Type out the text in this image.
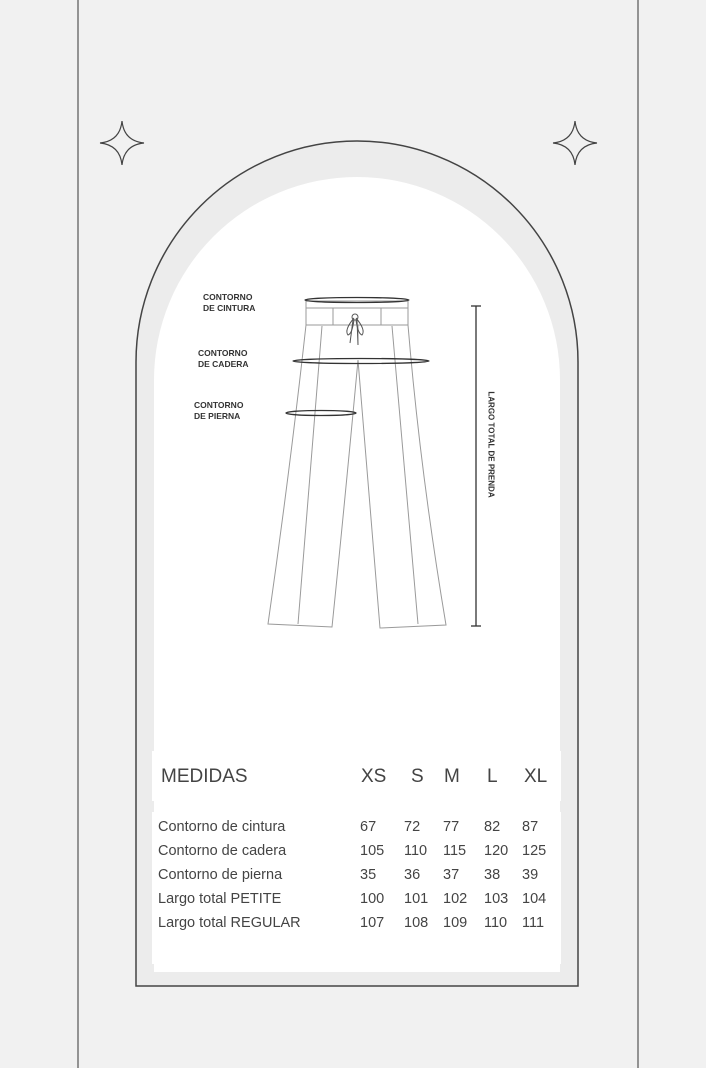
CONTORNO
DE CINTURA
CONTORNO
DE CADERA
CONTORNO
DE PIERNA	LARGO TOTAL DE PRENDA
MEDIDAS	XS S M L XL
Contorno de cintura	67 72 77 82 87
Contorno de cadera	105 110 115 120 125
Contorno de pierna	35 36 37 38 39
Largo total PETITE	100 101 102 103 104
Largo total REGULAR	107 108 109 110 111
